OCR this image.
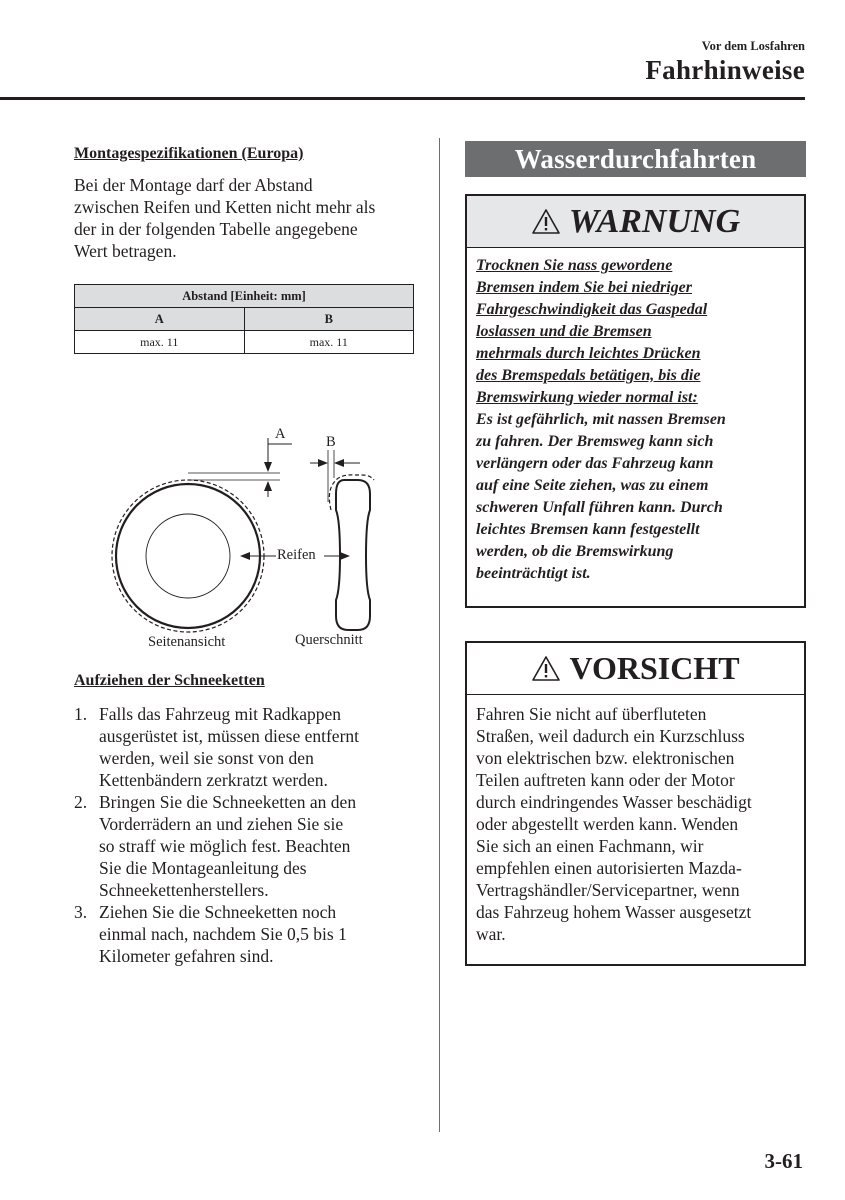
Vor dem Losfahren
Fahrhinweise
Montagespezifikationen (Europa)
Bei der Montage darf der Abstand
zwischen Reifen und Ketten nicht mehr als
der in der folgenden Tabelle angegebene
Wert betragen.
Abstand [Einheit: mm]	
A	B
max. 11	max. 11
A	B
Reifen
Seitenansicht	Querschnitt
Aufziehen der Schneeketten
1. Falls das Fahrzeug mit Radkappen
ausgerüstet ist, müssen diese entfernt
werden, weil sie sonst von den
Kettenbändern zerkratzt werden.
2. Bringen Sie die Schneeketten an den
Vorderrädern an und ziehen Sie sie
so straff wie möglich fest. Beachten
Sie die Montageanleitung des
Schneekettenherstellers.
3. Ziehen Sie die Schneeketten noch
einmal nach, nachdem Sie 0,5 bis 1
Kilometer gefahren sind.
Wasserdurchfahrten
WARNUNG
Trocknen Sie nass gewordene
Bremsen indem Sie bei niedriger
Fahrgeschwindigkeit das Gaspedal
loslassen und die Bremsen
mehrmals durch leichtes Drücken
des Bremspedals betätigen, bis die
Bremswirkung wieder normal ist:
Es ist gefährlich, mit nassen Bremsen
zu fahren. Der Bremsweg kann sich
verlängern oder das Fahrzeug kann
auf eine Seite ziehen, was zu einem
schweren Unfall führen kann. Durch
leichtes Bremsen kann festgestellt
werden, ob die Bremswirkung
beeinträchtigt ist.
VORSICHT
Fahren Sie nicht auf überfluteten
Straßen, weil dadurch ein Kurzschluss
von elektrischen bzw. elektronischen
Teilen auftreten kann oder der Motor
durch eindringendes Wasser beschädigt
oder abgestellt werden kann. Wenden
Sie sich an einen Fachmann, wir
empfehlen einen autorisierten Mazda-
Vertragshändler/Servicepartner, wenn
das Fahrzeug hohem Wasser ausgesetzt
war.
3-61
